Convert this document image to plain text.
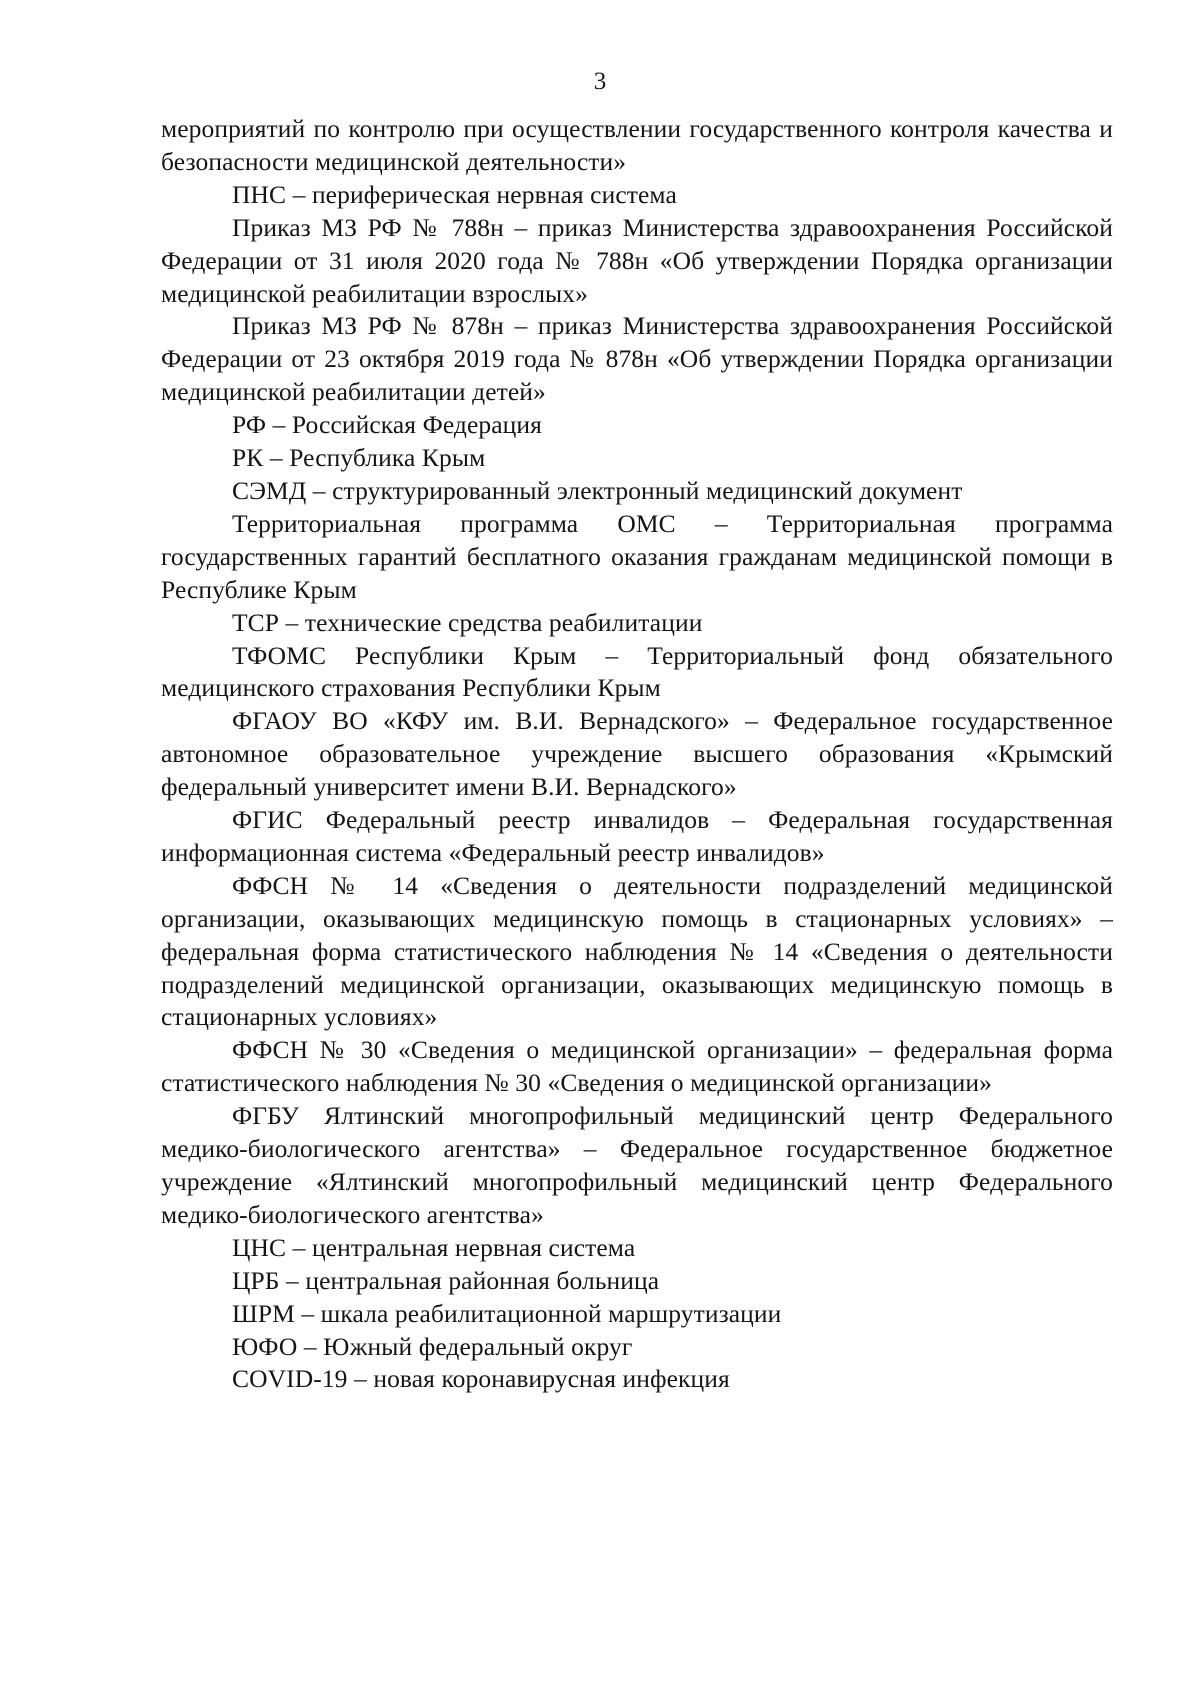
3

мероприятий по контролю при осуществлении государственного контроля качества и безопасности медицинской деятельности»

ПНС – периферическая нервная система

Приказ МЗ РФ № 788н – приказ Министерства здравоохранения Российской Федерации от 31 июля 2020 года № 788н «Об утверждении Порядка организации медицинской реабилитации взрослых»

Приказ МЗ РФ № 878н – приказ Министерства здравоохранения Российской Федерации от 23 октября 2019 года № 878н «Об утверждении Порядка организации медицинской реабилитации детей»

РФ – Российская Федерация

РК – Республика Крым

СЭМД – структурированный электронный медицинский документ

Территориальная программа ОМС – Территориальная программа государственных гарантий бесплатного оказания гражданам медицинской помощи в Республике Крым

ТСР – технические средства реабилитации

ТФОМС Республики Крым – Территориальный фонд обязательного медицинского страхования Республики Крым

ФГАОУ ВО «КФУ им. В.И. Вернадского» – Федеральное государственное автономное образовательное учреждение высшего образования «Крымский федеральный университет имени В.И. Вернадского»

ФГИС Федеральный реестр инвалидов – Федеральная государственная информационная система «Федеральный реестр инвалидов»

ФФСН № 14 «Сведения о деятельности подразделений медицинской организации, оказывающих медицинскую помощь в стационарных условиях» – федеральная форма статистического наблюдения № 14 «Сведения о деятельности подразделений медицинской организации, оказывающих медицинскую помощь в стационарных условиях»

ФФСН № 30 «Сведения о медицинской организации» – федеральная форма статистического наблюдения № 30 «Сведения о медицинской организации»

ФГБУ Ялтинский многопрофильный медицинский центр Федерального медико-биологического агентства» – Федеральное государственное бюджетное учреждение «Ялтинский многопрофильный медицинский центр Федерального медико-биологического агентства»

ЦНС – центральная нервная система

ЦРБ – центральная районная больница

ШРМ – шкала реабилитационной маршрутизации

ЮФО – Южный федеральный округ

COVID-19 – новая коронавирусная инфекция
